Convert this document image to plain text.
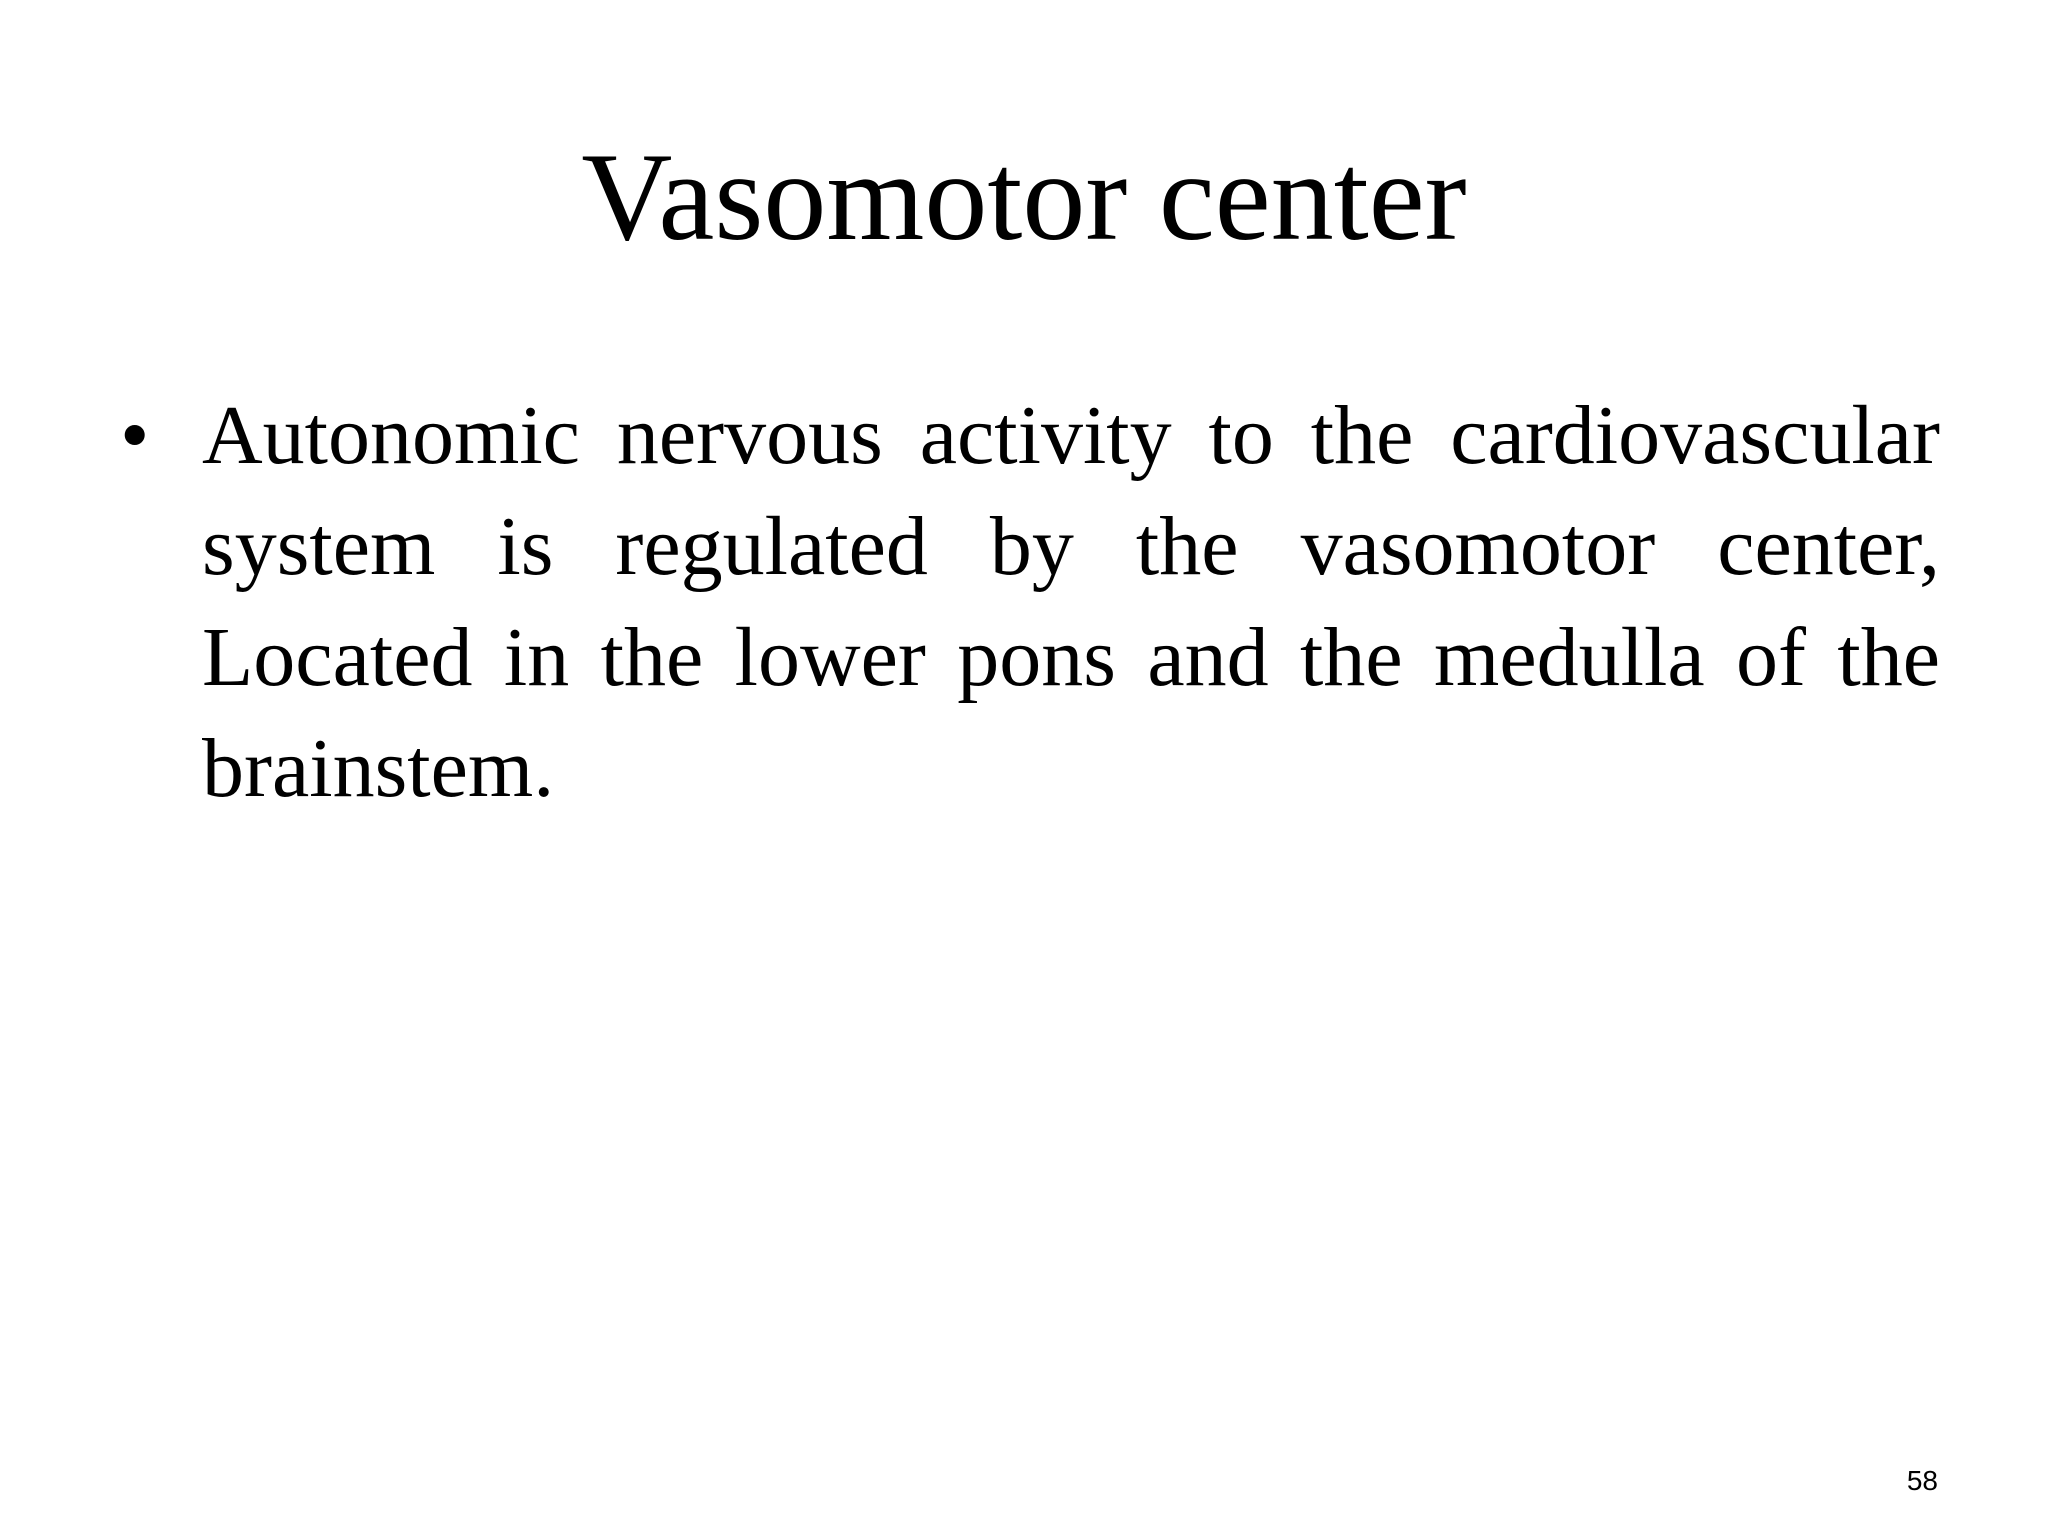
Vasomotor center
• Autonomic nervous activity to the cardiovascular system is regulated by the vasomotor center, Located in the lower pons and the medulla of the brainstem.
58
